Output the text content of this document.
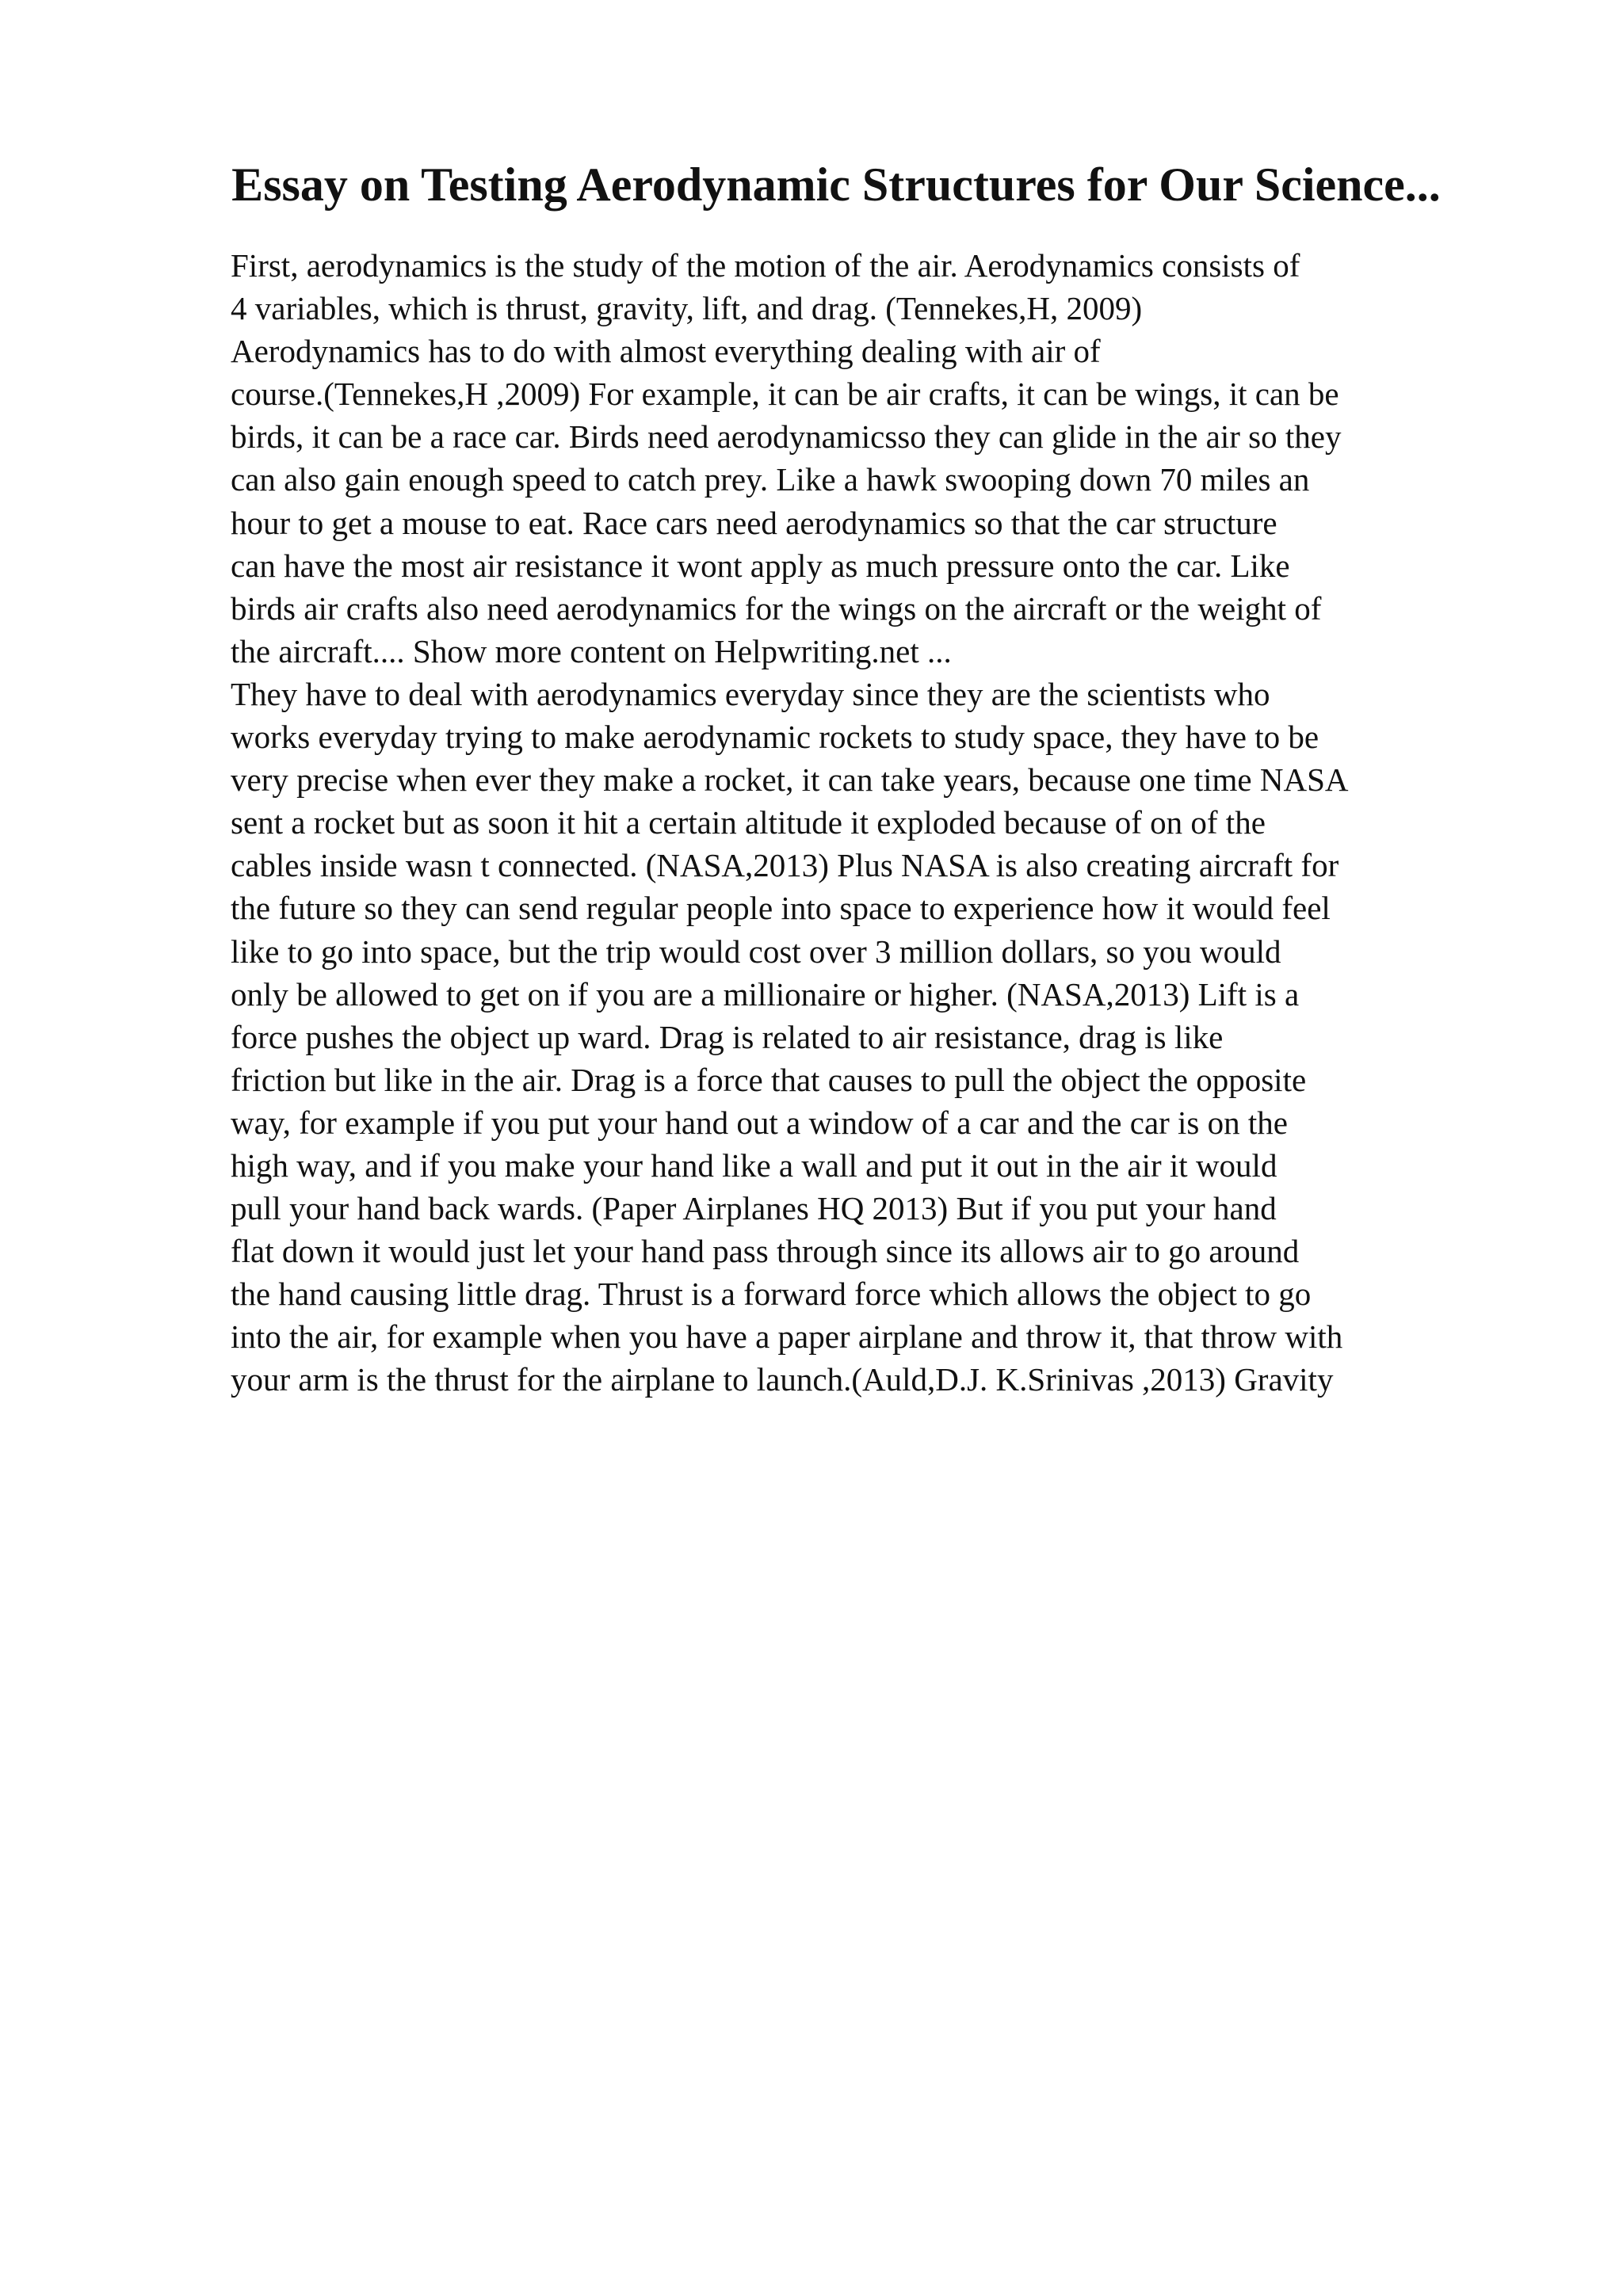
Essay on Testing Aerodynamic Structures for Our Science...
First, aerodynamics is the study of the motion of the air. Aerodynamics consists of
4 variables, which is thrust, gravity, lift, and drag. (Tennekes,H, 2009)
Aerodynamics has to do with almost everything dealing with air of
course.(Tennekes,H ,2009) For example, it can be air crafts, it can be wings, it can be
birds, it can be a race car. Birds need aerodynamicsso they can glide in the air so they
can also gain enough speed to catch prey. Like a hawk swooping down 70 miles an
hour to get a mouse to eat. Race cars need aerodynamics so that the car structure
can have the most air resistance it wont apply as much pressure onto the car. Like
birds air crafts also need aerodynamics for the wings on the aircraft or the weight of
the aircraft.... Show more content on Helpwriting.net ...
They have to deal with aerodynamics everyday since they are the scientists who
works everyday trying to make aerodynamic rockets to study space, they have to be
very precise when ever they make a rocket, it can take years, because one time NASA
sent a rocket but as soon it hit a certain altitude it exploded because of on of the
cables inside wasn t connected. (NASA,2013) Plus NASA is also creating aircraft for
the future so they can send regular people into space to experience how it would feel
like to go into space, but the trip would cost over 3 million dollars, so you would
only be allowed to get on if you are a millionaire or higher. (NASA,2013) Lift is a
force pushes the object up ward. Drag is related to air resistance, drag is like
friction but like in the air. Drag is a force that causes to pull the object the opposite
way, for example if you put your hand out a window of a car and the car is on the
high way, and if you make your hand like a wall and put it out in the air it would
pull your hand back wards. (Paper Airplanes HQ 2013) But if you put your hand
flat down it would just let your hand pass through since its allows air to go around
the hand causing little drag. Thrust is a forward force which allows the object to go
into the air, for example when you have a paper airplane and throw it, that throw with
your arm is the thrust for the airplane to launch.(Auld,D.J. K.Srinivas ,2013) Gravity
